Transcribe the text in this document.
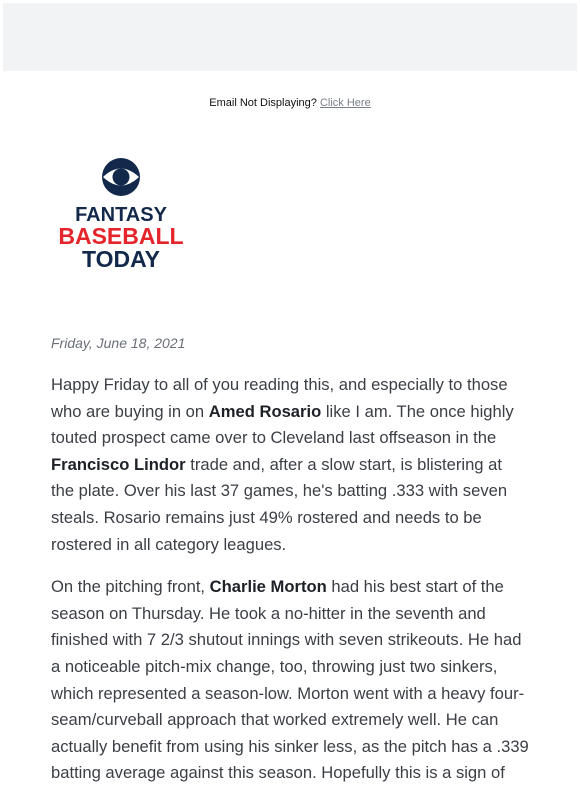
Email Not Displaying? Click Here
FANTASY
BASEBALL
TODAY
Friday, June 18, 2021

Happy Friday to all of you reading this, and especially to those who are buying in on Amed Rosario like I am. The once highly touted prospect came over to Cleveland last offseason in the Francisco Lindor trade and, after a slow start, is blistering at the plate. Over his last 37 games, he's batting .333 with seven steals. Rosario remains just 49% rostered and needs to be rostered in all category leagues.

On the pitching front, Charlie Morton had his best start of the season on Thursday. He took a no-hitter in the seventh and finished with 7 2/3 shutout innings with seven strikeouts. He had a noticeable pitch-mix change, too, throwing just two sinkers, which represented a season-low. Morton went with a heavy four-seam/curveball approach that worked extremely well. He can actually benefit from using his sinker less, as the pitch has a .339 batting average against this season. Hopefully this is a sign of
